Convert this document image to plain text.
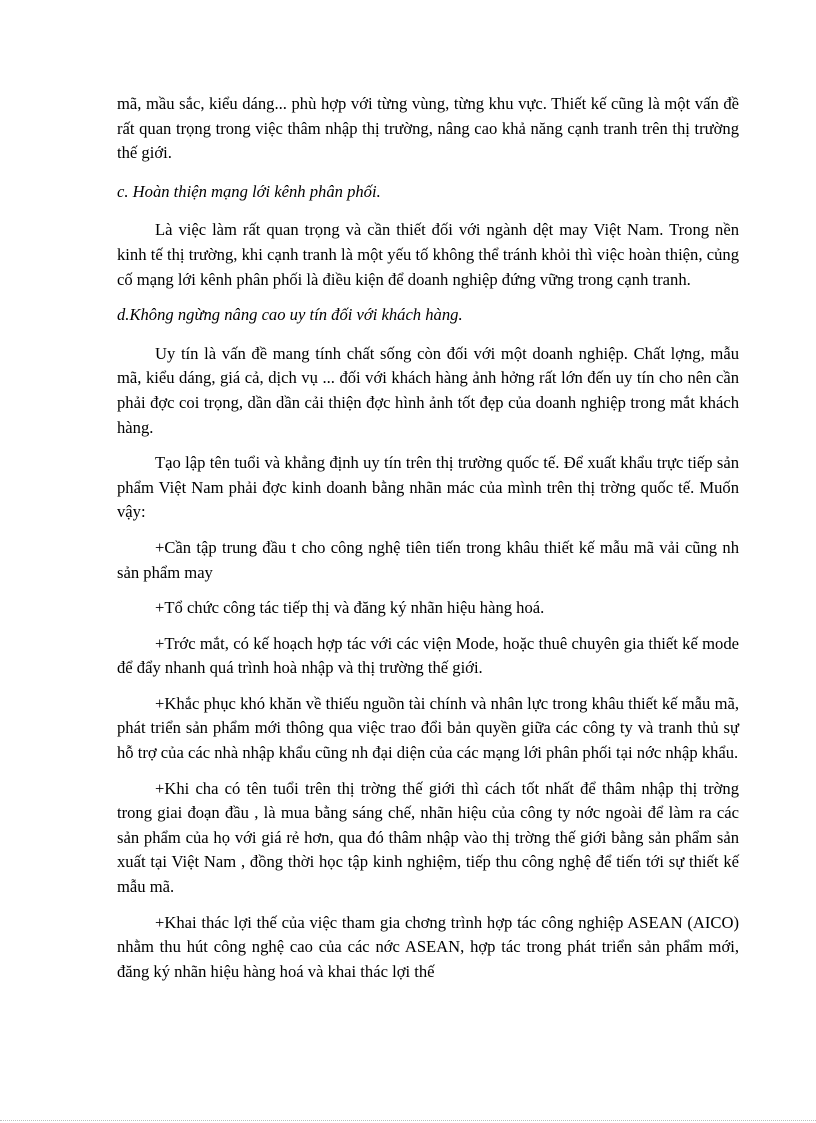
mã, mầu sắc, kiểu dáng... phù hợp với từng vùng, từng khu vực. Thiết kế cũng là một vấn đề rất quan trọng trong việc thâm nhập thị trường, nâng cao khả năng cạnh tranh trên thị trường thế giới.

c. Hoàn thiện mạng lới kênh phân phối.

Là việc làm rất quan trọng và cần thiết đối với ngành dệt may Việt Nam. Trong nền kinh tế thị trường, khi cạnh tranh là một yếu tố không thể tránh khỏi thì việc hoàn thiện, củng cố mạng lới kênh phân phối là điều kiện để doanh nghiệp đứng vững trong cạnh tranh.

d.Không ngừng nâng cao uy tín đối với khách hàng.

Uy tín là vấn đề mang tính chất sống còn đối với một doanh nghiệp. Chất lợng, mẫu mã, kiểu dáng, giá cả, dịch vụ ... đối với khách hàng ảnh hởng rất lớn đến uy tín cho nên cần phải đợc coi trọng, dần dần cải thiện đợc hình ảnh tốt đẹp của doanh nghiệp trong mắt khách hàng.

Tạo lập tên tuổi và khẳng định uy tín trên thị trường quốc tế. Để xuất khẩu trực tiếp sản phẩm Việt Nam phải đợc kinh doanh bằng nhãn mác của mình trên thị trờng quốc tế. Muốn vậy:

+Cần tập trung đầu t cho công nghệ tiên tiến trong khâu thiết kế mẫu mã vải cũng nh sản phẩm may

+Tổ chức công tác tiếp thị và đăng ký nhãn hiệu hàng hoá.

+Trớc mắt, có kế hoạch hợp tác với các viện Mode, hoặc thuê chuyên gia thiết kế mode để đẩy nhanh quá trình hoà nhập và thị trường thế giới.

+Khắc phục khó khăn về thiếu nguồn tài chính và nhân lực trong khâu thiết kế mẫu mã, phát triển sản phẩm mới thông qua việc trao đổi bản quyền giữa các công ty và tranh thủ sự hỗ trợ của các nhà nhập khẩu cũng nh đại diện của các mạng lới phân phối tại nớc nhập khẩu.

+Khi cha có tên tuổi trên thị trờng thế giới thì cách tốt nhất để thâm nhập thị trờng trong giai đoạn đầu , là mua bằng sáng chế, nhãn hiệu của công ty nớc ngoài để làm ra các sản phẩm của họ với giá rẻ hơn, qua đó thâm nhập vào thị trờng thế giới bằng sản phẩm sản xuất tại Việt Nam , đồng thời học tập kinh nghiệm, tiếp thu công nghệ để tiến tới sự thiết kế mẫu mã.

+Khai thác lợi thế của việc tham gia chơng trình hợp tác công nghiệp ASEAN (AICO) nhằm thu hút công nghệ cao của các nớc ASEAN, hợp tác trong phát triển sản phẩm mới, đăng ký nhãn hiệu hàng hoá và khai thác lợi thế
